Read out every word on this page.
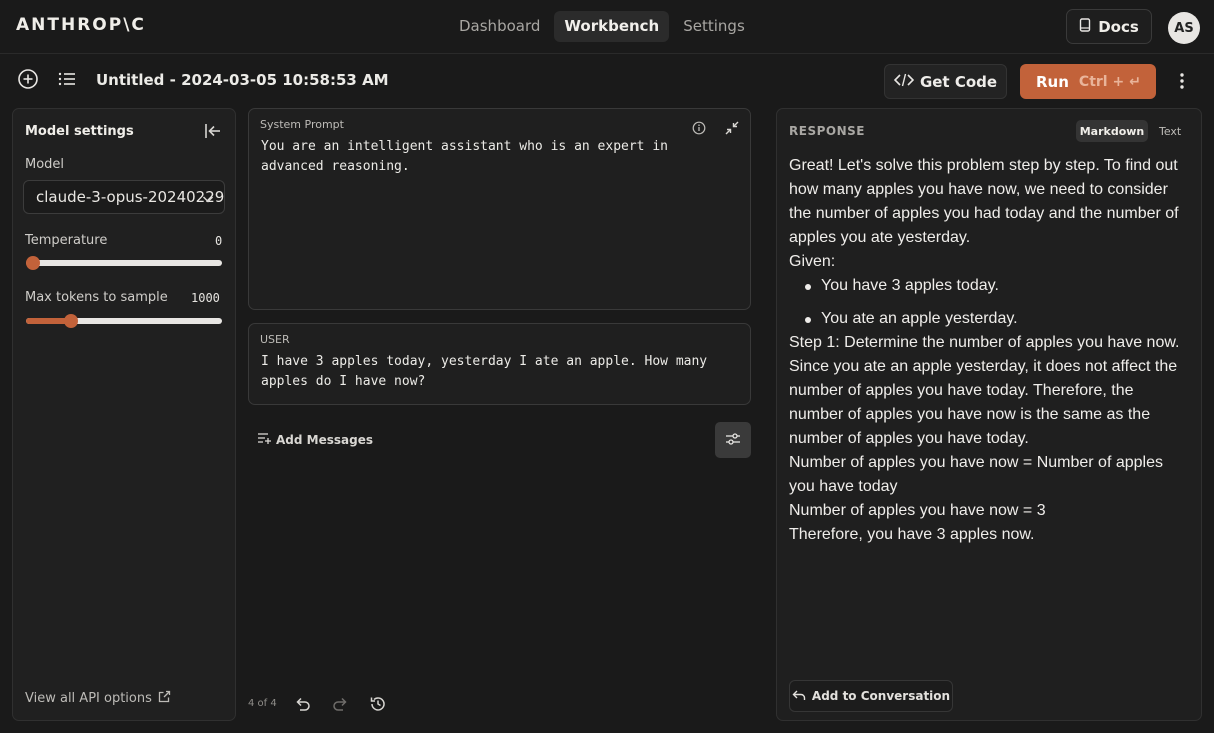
ANTHROP\C	Dashboard	Workbench	Settings	Docs	AS
Untitled - 2024-03-05 10:58:53 AM	Get Code	Run Ctrl + ↵
Model settings
Model
claude-3-opus-20240229
Temperature	0
Max tokens to sample 1000
View all API options
System Prompt
You are an intelligent assistant who is an expert in advanced reasoning.
USER
I have 3 apples today, yesterday I ate an apple. How many apples do I have now?
Add Messages
4 of 4
RESPONSE	Markdown	Text

Great! Let's solve this problem step by step. To find out how many apples you have now, we need to consider the number of apples you had today and the number of apples you ate yesterday.

Given:

You have 3 apples today.
You ate an apple yesterday.

Step 1: Determine the number of apples you have now. Since you ate an apple yesterday, it does not affect the number of apples you have today. Therefore, the number of apples you have now is the same as the number of apples you have today.

Number of apples you have now = Number of apples you have today

Number of apples you have now = 3

Therefore, you have 3 apples now.

Add to Conversation
